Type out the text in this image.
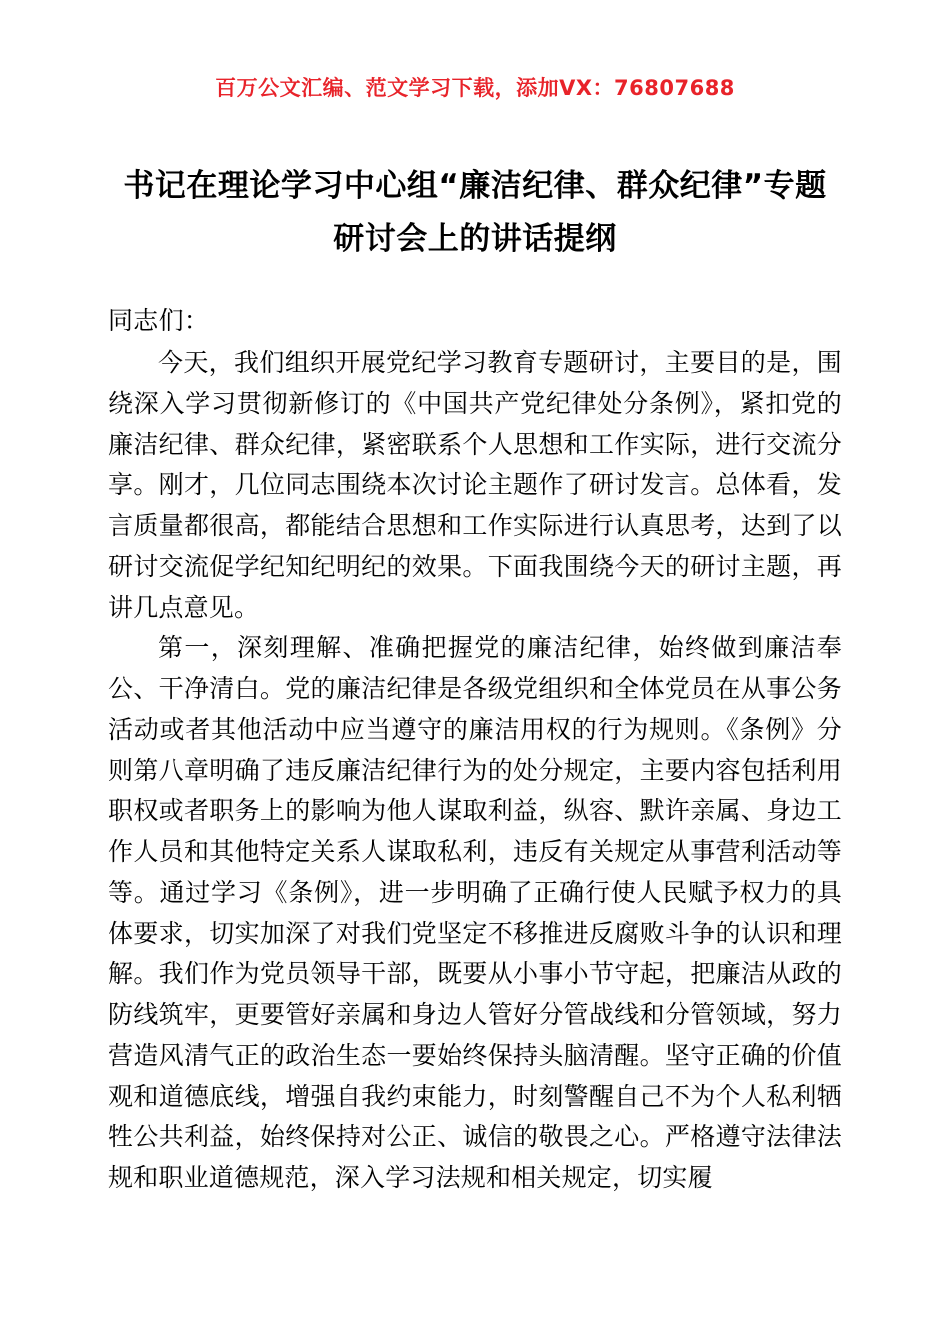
百万公文汇编、范文学习下载，添加VX：76807688
书记在理论学习中心组“廉洁纪律、群众纪律”专题研讨会上的讲话提纲

同志们：

今天，我们组织开展党纪学习教育专题研讨，主要目的是，围绕深入学习贯彻新修订的《中国共产党纪律处分条例》，紧扣党的廉洁纪律、群众纪律，紧密联系个人思想和工作实际，进行交流分享。刚才，几位同志围绕本次讨论主题作了研讨发言。总体看，发言质量都很高，都能结合思想和工作实际进行认真思考，达到了以研讨交流促学纪知纪明纪的效果。下面我围绕今天的研讨主题，再讲几点意见。

第一，深刻理解、准确把握党的廉洁纪律，始终做到廉洁奉公、干净清白。党的廉洁纪律是各级党组织和全体党员在从事公务活动或者其他活动中应当遵守的廉洁用权的行为规则。《条例》分则第八章明确了违反廉洁纪律行为的处分规定，主要内容包括利用职权或者职务上的影响为他人谋取利益，纵容、默许亲属、身边工作人员和其他特定关系人谋取私利，违反有关规定从事营利活动等等。通过学习《条例》，进一步明确了正确行使人民赋予权力的具体要求，切实加深了对我们党坚定不移推进反腐败斗争的认识和理解。我们作为党员领导干部，既要从小事小节守起，把廉洁从政的防线筑牢，更要管好亲属和身边人管好分管战线和分管领域，努力营造风清气正的政治生态一要始终保持头脑清醒。坚守正确的价值观和道德底线，增强自我约束能力，时刻警醒自己不为个人私利牺牲公共利益，始终保持对公正、诚信的敬畏之心。严格遵守法律法规和职业道德规范，深入学习法规和相关规定，切实履
